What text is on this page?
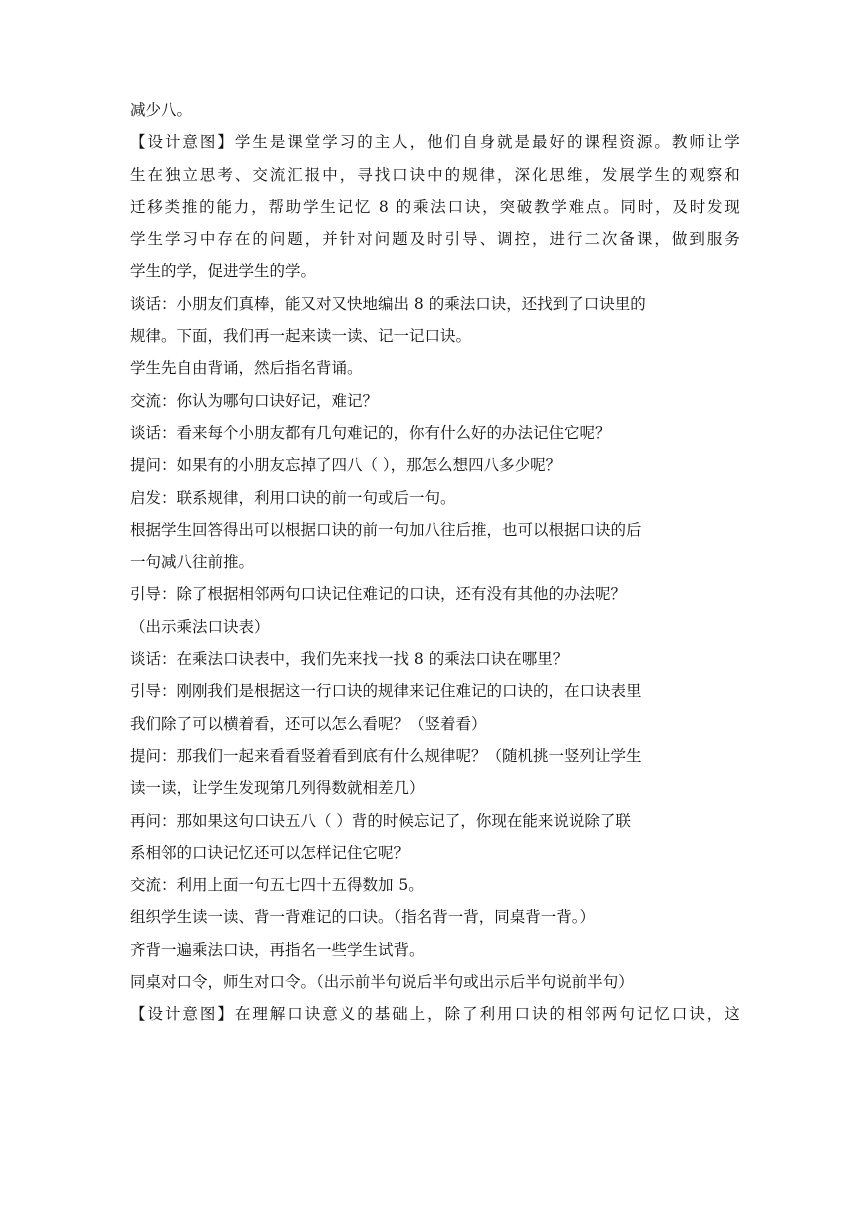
减少八。
【设计意图】学生是课堂学习的主人，他们自身就是最好的课程资源。教师让学
生在独立思考、交流汇报中，寻找口诀中的规律，深化思维，发展学生的观察和
迁移类推的能力，帮助学生记忆 8 的乘法口诀，突破教学难点。同时，及时发现
学生学习中存在的问题，并针对问题及时引导、调控，进行二次备课，做到服务
学生的学，促进学生的学。
谈话：小朋友们真棒，能又对又快地编出 8 的乘法口诀，还找到了口诀里的
规律。下面，我们再一起来读一读、记一记口诀。
学生先自由背诵，然后指名背诵。
交流：你认为哪句口诀好记，难记？
谈话：看来每个小朋友都有几句难记的，你有什么好的办法记住它呢？
提问：如果有的小朋友忘掉了四八（ ），那怎么想四八多少呢？
启发：联系规律，利用口诀的前一句或后一句。
根据学生回答得出可以根据口诀的前一句加八往后推，也可以根据口诀的后
一句减八往前推。
引导：除了根据相邻两句口诀记住难记的口诀，还有没有其他的办法呢？
（出示乘法口诀表）
谈话：在乘法口诀表中，我们先来找一找 8 的乘法口诀在哪里？
引导：刚刚我们是根据这一行口诀的规律来记住难记的口诀的，在口诀表里
我们除了可以横着看，还可以怎么看呢？（竖着看）
提问：那我们一起来看看竖着看到底有什么规律呢？（随机挑一竖列让学生
读一读，让学生发现第几列得数就相差几）
再问：那如果这句口诀五八（ ）背的时候忘记了，你现在能来说说除了联
系相邻的口诀记忆还可以怎样记住它呢？
交流：利用上面一句五七四十五得数加 5。
组织学生读一读、背一背难记的口诀。（指名背一背，同桌背一背。）
齐背一遍乘法口诀，再指名一些学生试背。
同桌对口令，师生对口令。（出示前半句说后半句或出示后半句说前半句）
【设计意图】在理解口诀意义的基础上，除了利用口诀的相邻两句记忆口诀，这
